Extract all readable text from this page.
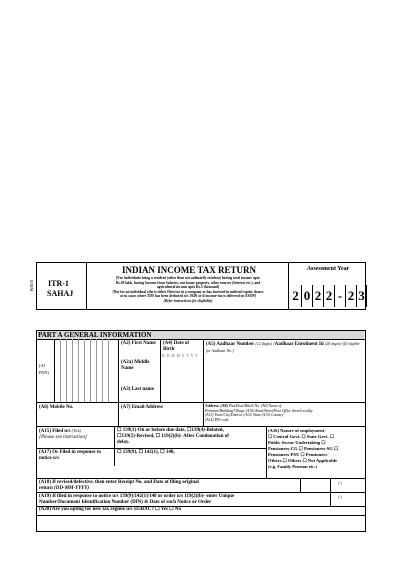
FORM ITR-1
SAHAJ
INDIAN INCOME TAX RETURN
[For individuals being a resident (other than not ordinarily resident) having total income upto
Rs.50 lakh, having Income from Salaries, one house property, other sources (Interest etc.), and
agricultural income upto Rs.5 thousand]
[Not for an individual who is either Director in a company or has invested in unlisted equity shares
or in cases where TDS has been deducted u/s 194N or if income-tax is deferred on ESOP]
(Refer instructions for eligibility)
Assessment Year
2 0 2 2 - 2 3
PART A GENERAL INFORMATION
(A1 PAN)
(A2) First Name
(A2a) Middle Name
(A3) Last name
(A4) Date of Birth
D D M M Y Y Y Y
(A5) Aadhaar Number (12 digits) /Aadhaar Enrolment Id (28 digits) (If eligible for Aadhaar No.)
(A6) Mobile No.	(A7) Email Address	Address: (A8) Flat/Door/Block No. (A9) Name of
Premises/Building/Village (A10) Road/Street/Post Office Area/Locality
(A11) Town/City/District (A12) State (A13) Country
(A14) PIN code
(A15) Filed u/s (Tick)
[Please see instruction]
☐ 139(1)-On or before due date, ☐139(4)-Belated,
☐139(5)-Revised, ☐ 119(2)(b)- After Condonation of
delay.
(A16) Nature of employment-
☐ Central Govt. ☐ State Govt. ☐
Public Sector Undertaking ☐
Pensioners-CG ☐ Pensioners-SG ☐
Pensioners-PSU ☐ Pensioners-
Others ☐ Others ☐ Not Applicable
(e.g. Family Pension etc.)
(A17) Or Filed in response to notice u/s
☐ 139(9), ☐ 142(1), ☐ 148,
(A18) If revised/defective, then enter Receipt No. and Date of filing original
return (DD-MM-YYYY)
/ /
(A19) If filed in response to notice u/s 139(9)/142(1)/148 or order u/s 119(2)(b)- enter Unique
Number/Document Identification Number (DIN) & Date of such Notice or Order
/ /
(A20) Are you opting for new tax regime u/s 115BAC? ☐ Yes ☐ No
